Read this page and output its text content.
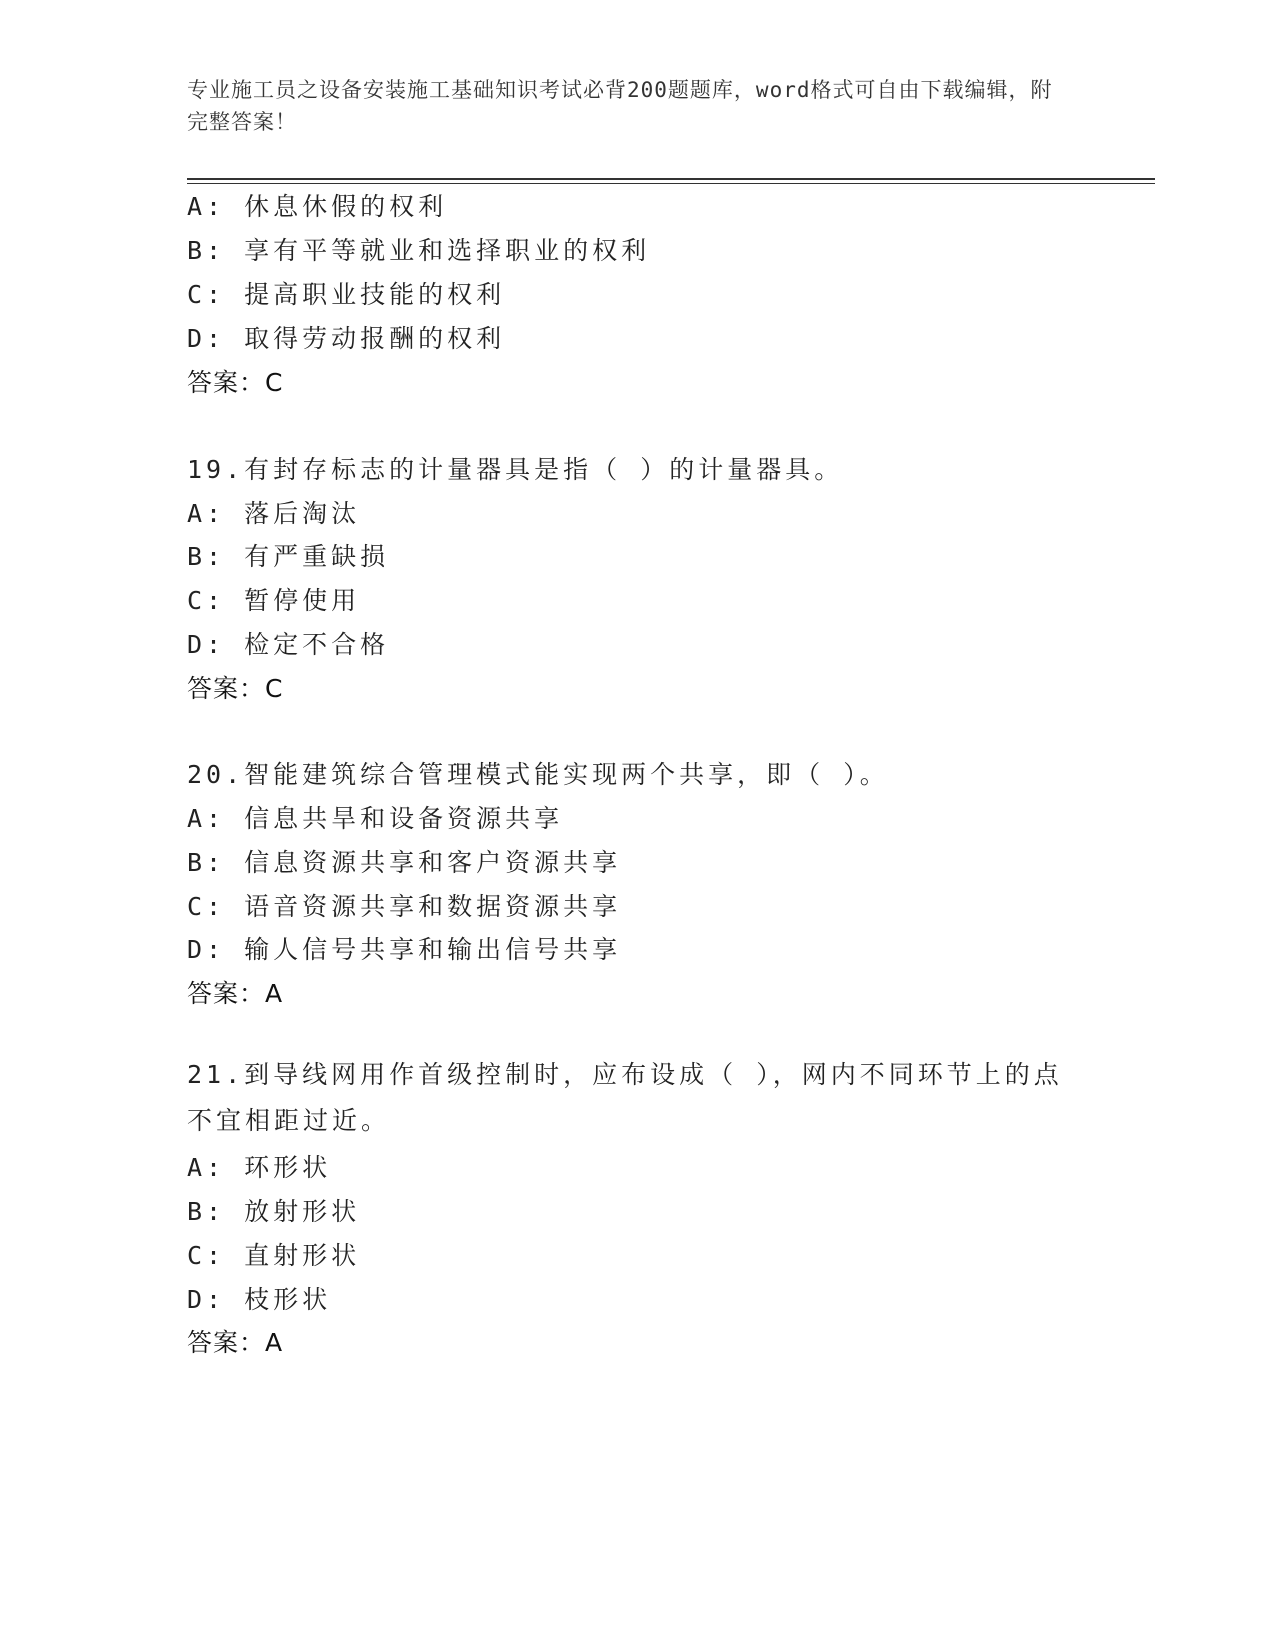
专业施工员之设备安装施工基础知识考试必背200题题库，word格式可自由下载编辑，附完整答案！
A: 休息休假的权利
B: 享有平等就业和选择职业的权利
C: 提高职业技能的权利
D: 取得劳动报酬的权利
答案：C
19.有封存标志的计量器具是指（ ）的计量器具。
A: 落后淘汰
B: 有严重缺损
C: 暂停使用
D: 检定不合格
答案：C
20.智能建筑综合管理模式能实现两个共享，即（ ）。
A: 信息共旱和设备资源共享
B: 信息资源共享和客户资源共享
C: 语音资源共享和数据资源共享
D: 输人信号共享和输出信号共享
答案：A
21.到导线网用作首级控制时，应布设成（ ），网内不同环节上的点不宜相距过近。
A: 环形状
B: 放射形状
C: 直射形状
D: 枝形状
答案：A
